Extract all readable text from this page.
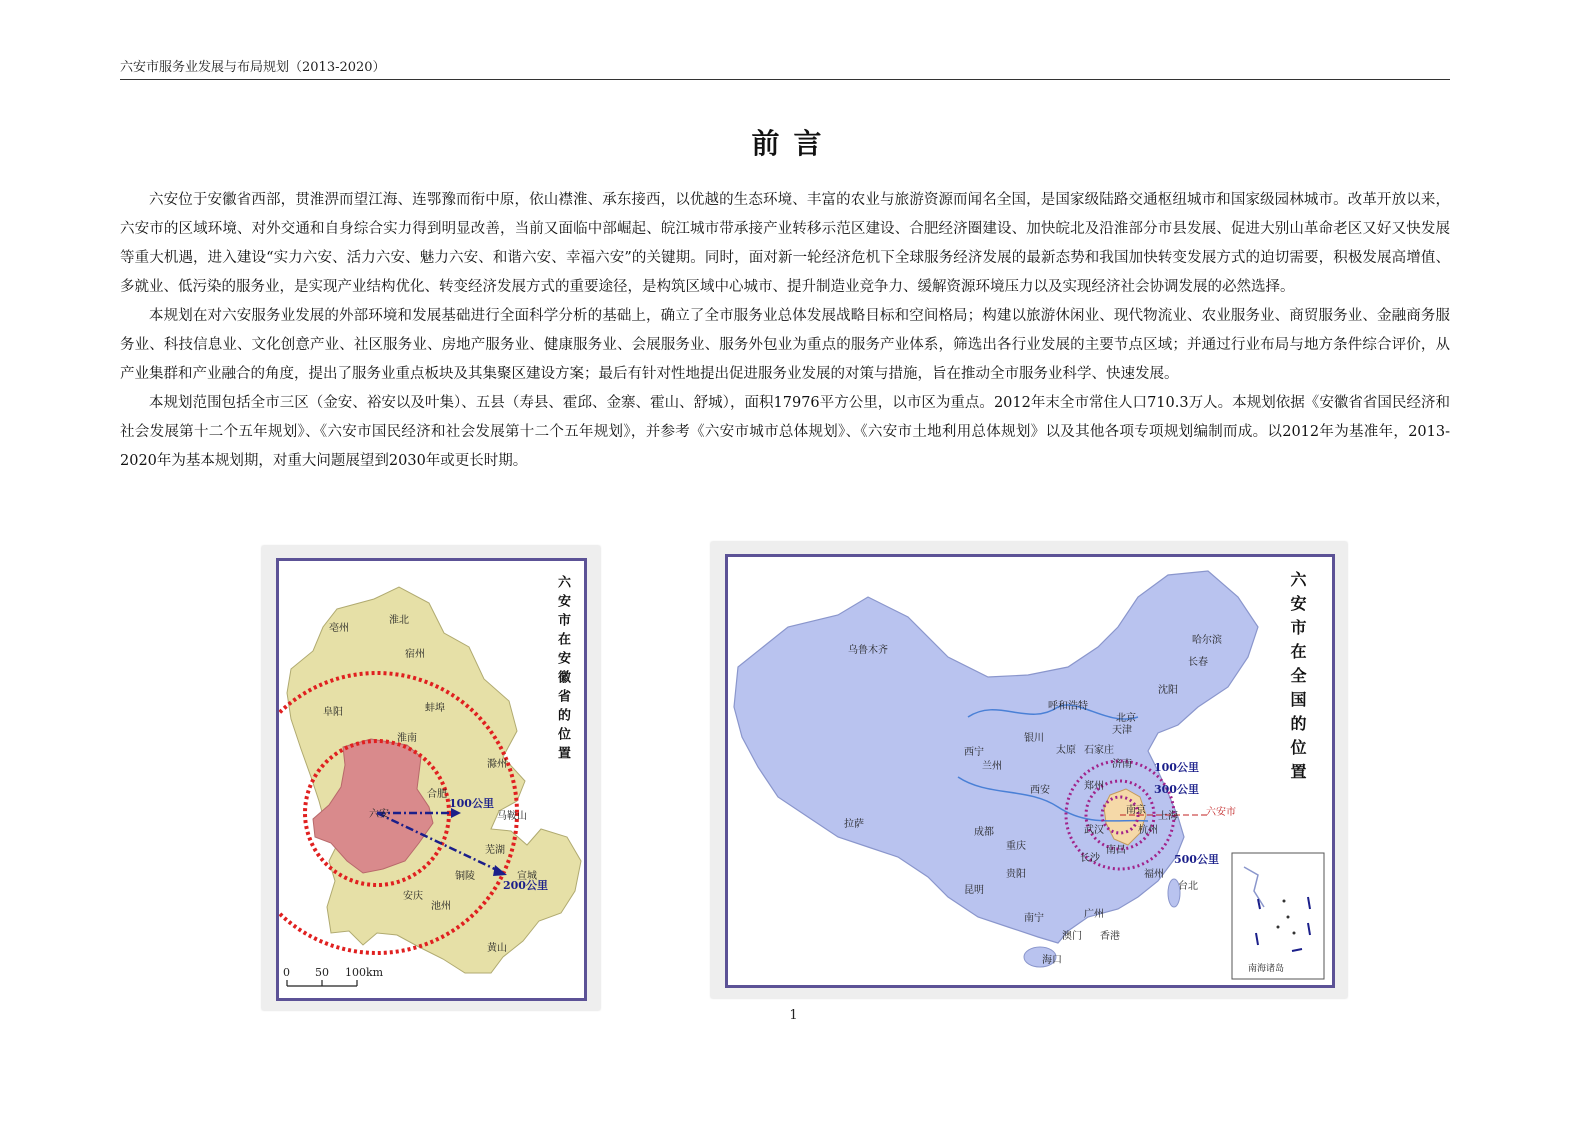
六安市服务业发展与布局规划（2013-2020）
前言

六安位于安徽省西部，贯淮淠而望江海、连鄂豫而衔中原，依山襟淮、承东接西，以优越的生态环境、丰富的农业与旅游资源而闻名全国，是国家级陆路交通枢纽城市和国家级园林城市。改革开放以来，六安市的区域环境、对外交通和自身综合实力得到明显改善，当前又面临中部崛起、皖江城市带承接产业转移示范区建设、合肥经济圈建设、加快皖北及沿淮部分市县发展、促进大别山革命老区又好又快发展等重大机遇，进入建设“实力六安、活力六安、魅力六安、和谐六安、幸福六安”的关键期。同时，面对新一轮经济危机下全球服务经济发展的最新态势和我国加快转变发展方式的迫切需要，积极发展高增值、多就业、低污染的服务业，是实现产业结构优化、转变经济发展方式的重要途径，是构筑区域中心城市、提升制造业竞争力、缓解资源环境压力以及实现经济社会协调发展的必然选择。

本规划在对六安服务业发展的外部环境和发展基础进行全面科学分析的基础上，确立了全市服务业总体发展战略目标和空间格局；构建以旅游休闲业、现代物流业、农业服务业、商贸服务业、金融商务服务业、科技信息业、文化创意产业、社区服务业、房地产服务业、健康服务业、会展服务业、服务外包业为重点的服务产业体系，筛选出各行业发展的主要节点区域；并通过行业布局与地方条件综合评价，从产业集群和产业融合的角度，提出了服务业重点板块及其集聚区建设方案；最后有针对性地提出促进服务业发展的对策与措施，旨在推动全市服务业科学、快速发展。

本规划范围包括全市三区（金安、裕安以及叶集）、五县（寿县、霍邱、金寨、霍山、舒城），面积17976平方公里，以市区为重点。2012年末全市常住人口710.3万人。本规划依据《安徽省省国民经济和社会发展第十二个五年规划》、《六安市国民经济和社会发展第十二个五年规划》，并参考《六安市城市总体规划》、《六安市土地利用总体规划》以及其他各项专项规划编制而成。以2012年为基准年，2013-2020年为基本规划期，对重大问题展望到2030年或更长时期。

亳州
淮北
宿州
阜阳	蚌埠
淮南
滁州
六安
合肥
马鞍山
芜湖
铜陵	宣城
池州
安庆
黄山
100公里
200公里
0 50 100km
六安市在安徽省的位置
100公里
300公里
500公里
六安市
乌鲁木齐
哈尔滨
长春
沈阳
呼和浩特
北京
天津
银川
太原 石家庄
济南
西宁
兰州
西安	郑州
南京
上海
武汉	杭州
长沙
南昌
福州
台北
拉萨
成都
重庆
贵阳
昆明
南宁	广州
澳门 香港
海口
南海诸岛
六安市在全国的位置
1
